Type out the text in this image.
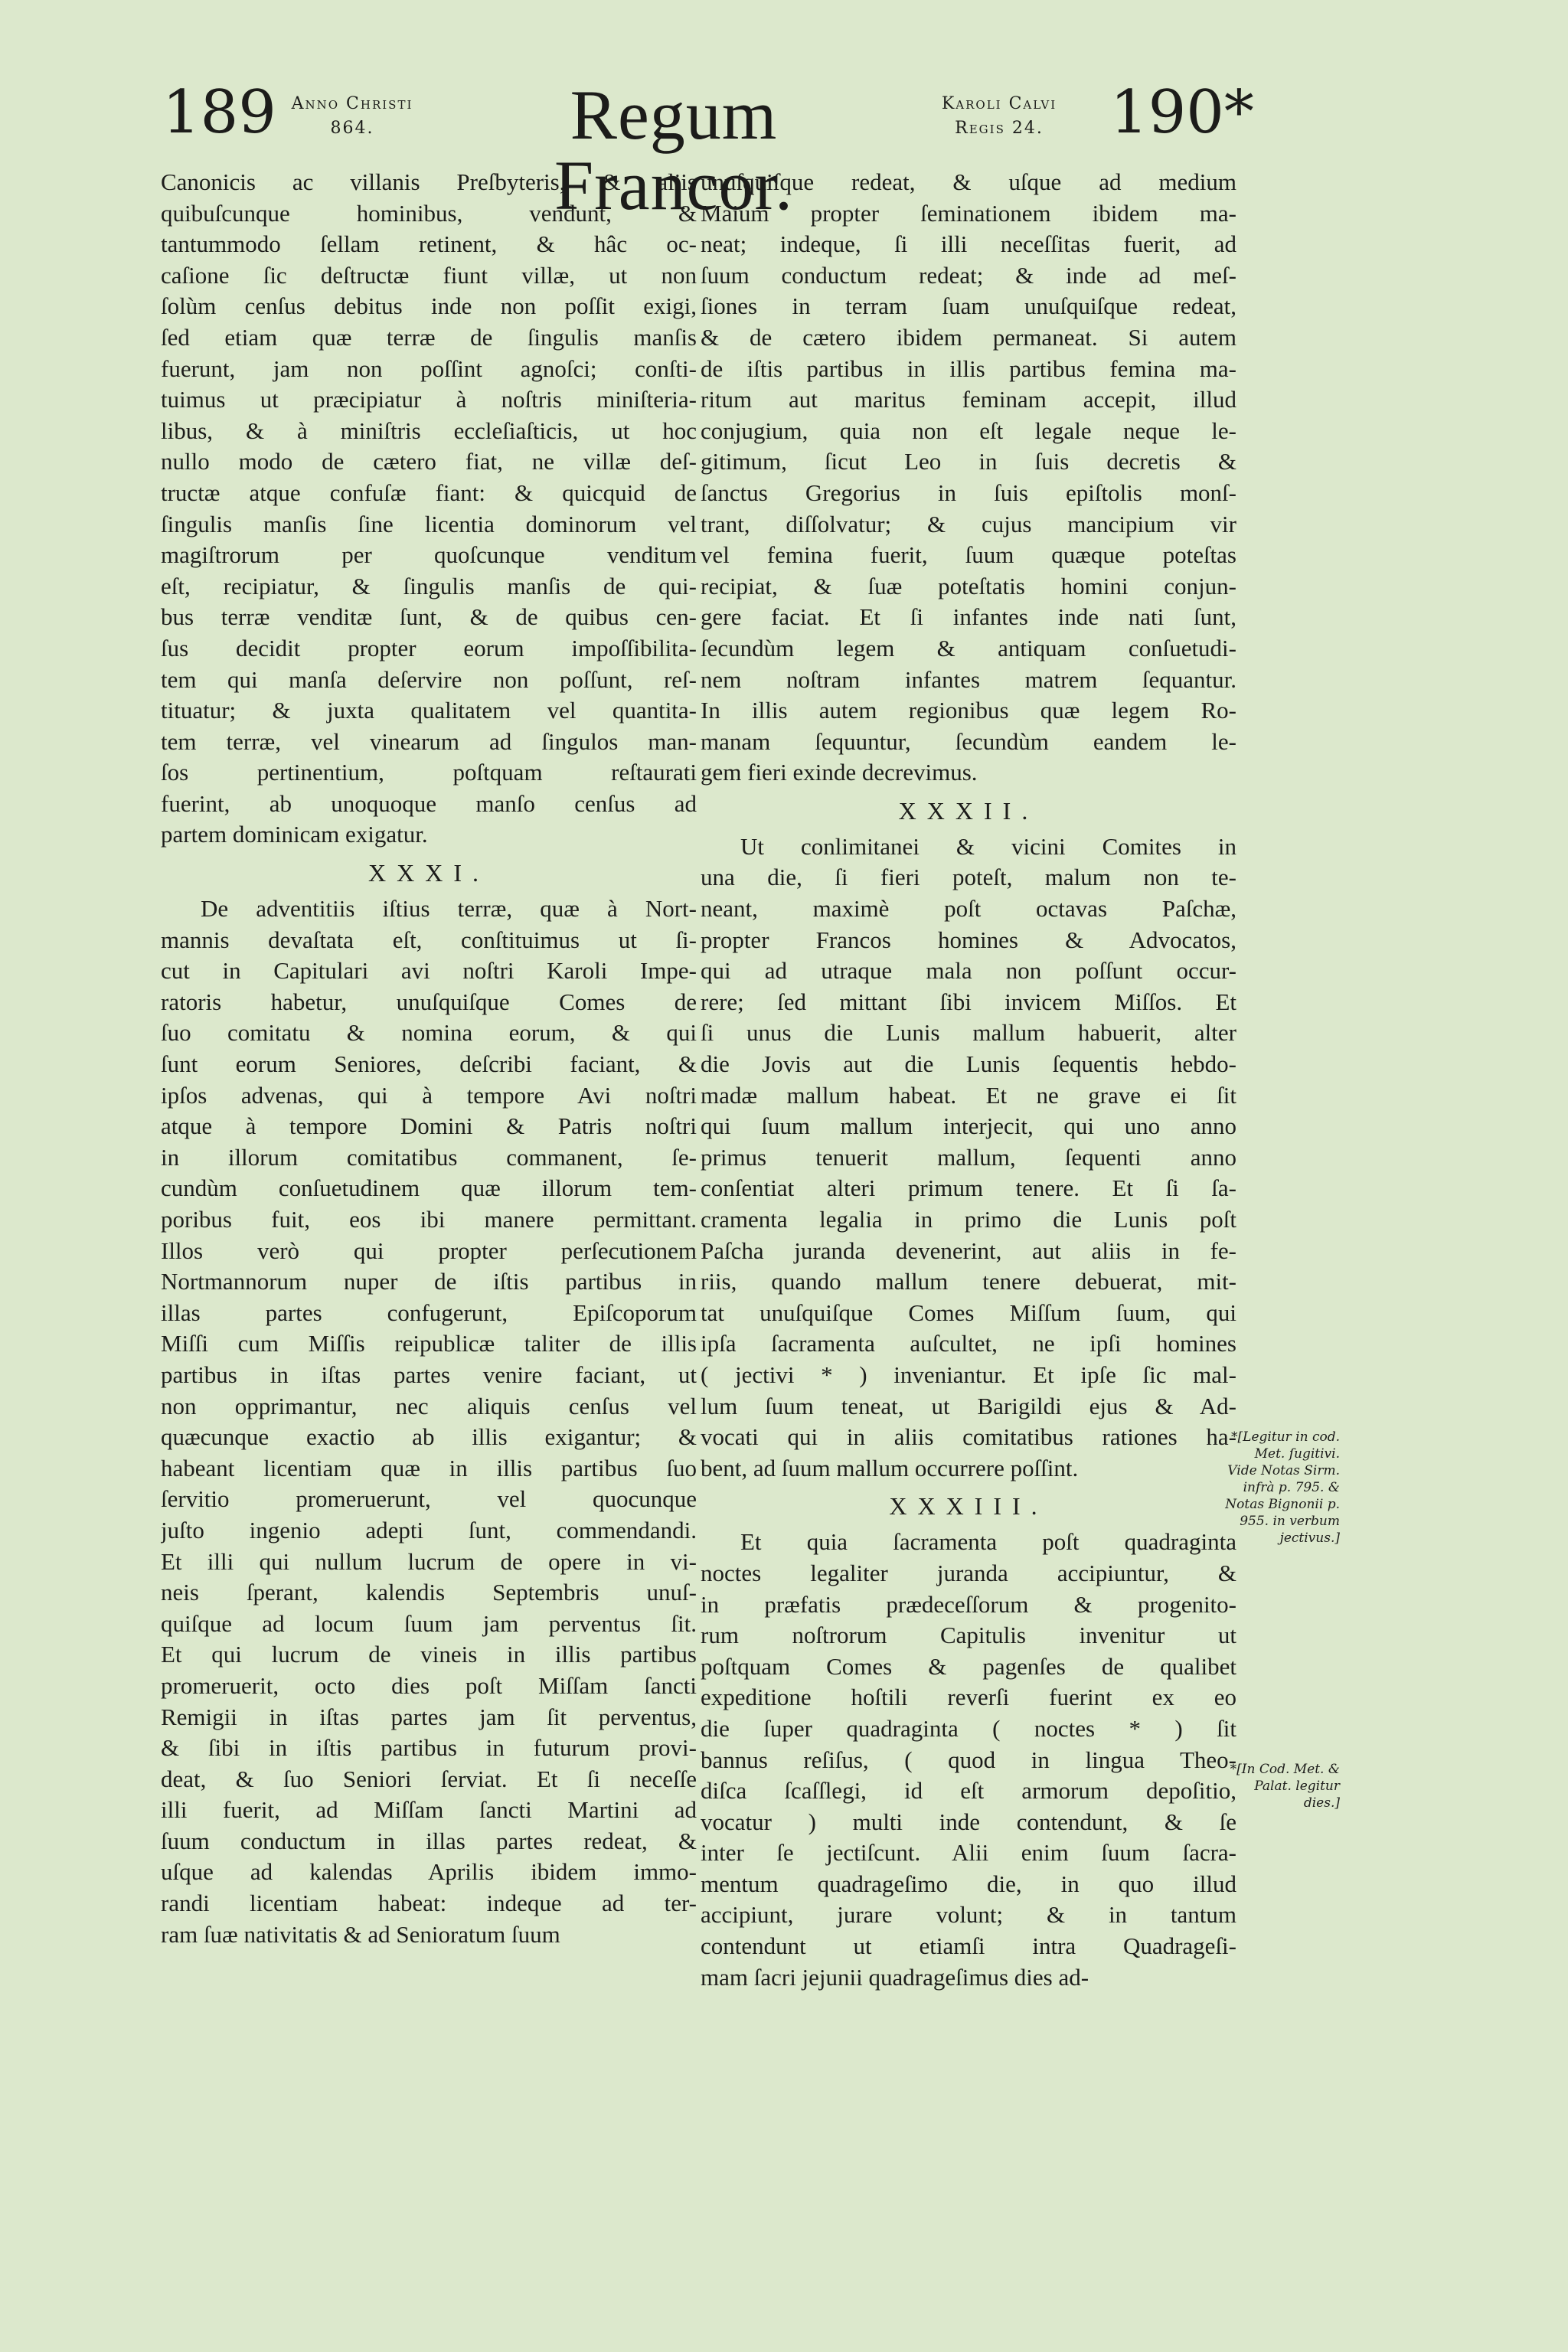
189 Anno Christi
864.	Regum Francor.
Karoli Calvi
Regis 24.	190*
Canonicis ac villanis Preſbyteris, & aliis
quibuſcunque hominibus, vendunt, &
tantummodo ſellam retinent, & hâc oc-
caſione ſic deſtructæ fiunt villæ, ut non
ſolùm cenſus debitus inde non poſſit exigi,
ſed etiam quæ terræ de ſingulis manſis
fuerunt, jam non poſſint agnoſci; conſti-
tuimus ut præcipiatur à noſtris miniſteria-
libus, & à miniſtris eccleſiaſticis, ut hoc
nullo modo de cætero fiat, ne villæ deſ-
tructæ atque confuſæ fiant: & quicquid de
ſingulis manſis ſine licentia dominorum vel
magiſtrorum per quoſcunque venditum
eſt, recipiatur, & ſingulis manſis de qui-
bus terræ venditæ ſunt, & de quibus cen-
ſus decidit propter eorum impoſſibilita-
tem qui manſa deſervire non poſſunt, reſ-
tituatur; & juxta qualitatem vel quantita-
tem terræ, vel vinearum ad ſingulos man-
ſos pertinentium, poſtquam reſtaurati
fuerint, ab unoquoque manſo cenſus ad
partem dominicam exigatur.
XXXI.
De adventitiis iſtius terræ, quæ à Nort-
mannis devaſtata eſt, conſtituimus ut ſi-
cut in Capitulari avi noſtri Karoli Impe-
ratoris habetur, unuſquiſque Comes de
ſuo comitatu & nomina eorum, & qui
ſunt eorum Seniores, deſcribi faciant, &
ipſos advenas, qui à tempore Avi noſtri
atque à tempore Domini & Patris noſtri
in illorum comitatibus commanent, ſe-
cundùm conſuetudinem quæ illorum tem-
poribus fuit, eos ibi manere permittant.
Illos verò qui propter perſecutionem
Nortmannorum nuper de iſtis partibus in
illas partes confugerunt, Epiſcoporum
Miſſi cum Miſſis reipublicæ taliter de illis
partibus in iſtas partes venire faciant, ut
non opprimantur, nec aliquis cenſus vel
quæcunque exactio ab illis exigantur; &
habeant licentiam quæ in illis partibus ſuo
ſervitio promeruerunt, vel quocunque
juſto ingenio adepti ſunt, commendandi.
Et illi qui nullum lucrum de opere in vi-
neis ſperant, kalendis Septembris unuſ-
quiſque ad locum ſuum jam perventus ſit.
Et qui lucrum de vineis in illis partibus
promeruerit, octo dies poſt Miſſam ſancti
Remigii in iſtas partes jam ſit perventus,
& ſibi in iſtis partibus in futurum provi-
deat, & ſuo Seniori ſerviat. Et ſi neceſſe
illi fuerit, ad Miſſam ſancti Martini ad
ſuum conductum in illas partes redeat, &
uſque ad kalendas Aprilis ibidem immo-
randi licentiam habeat: indeque ad ter-
ram ſuæ nativitatis & ad Senioratum ſuum
unuſquiſque redeat, & uſque ad medium
Maium propter ſeminationem ibidem ma-
neat; indeque, ſi illi neceſſitas fuerit, ad
ſuum conductum redeat; & inde ad meſ-
ſiones in terram ſuam unuſquiſque redeat,
& de cætero ibidem permaneat. Si autem
de iſtis partibus in illis partibus femina ma-
ritum aut maritus feminam accepit, illud
conjugium, quia non eſt legale neque le-
gitimum, ſicut Leo in ſuis decretis &
ſanctus Gregorius in ſuis epiſtolis monſ-
trant, diſſolvatur; & cujus mancipium vir
vel femina fuerit, ſuum quæque poteſtas
recipiat, & ſuæ poteſtatis homini conjun-
gere faciat. Et ſi infantes inde nati ſunt,
ſecundùm legem & antiquam conſuetudi-
nem noſtram infantes matrem ſequantur.
In illis autem regionibus quæ legem Ro-
manam ſequuntur, ſecundùm eandem le-
gem fieri exinde decrevimus.
XXXII.
Ut conlimitanei & vicini Comites in
una die, ſi fieri poteſt, malum non te-
neant, maximè poſt octavas Paſchæ,
propter Francos homines & Advocatos,
qui ad utraque mala non poſſunt occur-
rere; ſed mittant ſibi invicem Miſſos. Et
ſi unus die Lunis mallum habuerit, alter
die Jovis aut die Lunis ſequentis hebdo-
madæ mallum habeat. Et ne grave ei ſit
qui ſuum mallum interjecit, qui uno anno
primus tenuerit mallum, ſequenti anno
conſentiat alteri primum tenere. Et ſi ſa-
cramenta legalia in primo die Lunis poſt
Paſcha juranda devenerint, aut aliis in fe-
riis, quando mallum tenere debuerat, mit-
tat unuſquiſque Comes Miſſum ſuum, qui
ipſa ſacramenta auſcultet, ne ipſi homines
( jectivi * ) inveniantur. Et ipſe ſic mal-
lum ſuum teneat, ut Barigildi ejus & Ad-
vocati qui in aliis comitatibus rationes ha-
bent, ad ſuum mallum occurrere poſſint.
XXXIII.
Et quia ſacramenta poſt quadraginta
noctes legaliter juranda accipiuntur, &
in præfatis prædeceſſorum & progenito-
rum noſtrorum Capitulis invenitur ut
poſtquam Comes & pagenſes de qualibet
expeditione hoſtili reverſi fuerint ex eo
die ſuper quadraginta ( noctes * ) ſit
bannus reſiſus, ( quod in lingua Theo-
diſca ſcaſſlegi, id eſt armorum depoſitio,
vocatur ) multi inde contendunt, & ſe
inter ſe jectiſcunt. Alii enim ſuum ſacra-
mentum quadrageſimo die, in quo illud
accipiunt, jurare volunt; & in tantum
contendunt ut etiamſi intra Quadrageſi-
mam ſacri jejunii quadrageſimus dies ad-
*[Legitur in cod. Met. ſugitivi. Vide Notas Sirm. infrà p. 795. & Notas Bignonii p. 955. in verbum jectivus.]
*[In Cod. Met. & Palat. legitur dies.]
